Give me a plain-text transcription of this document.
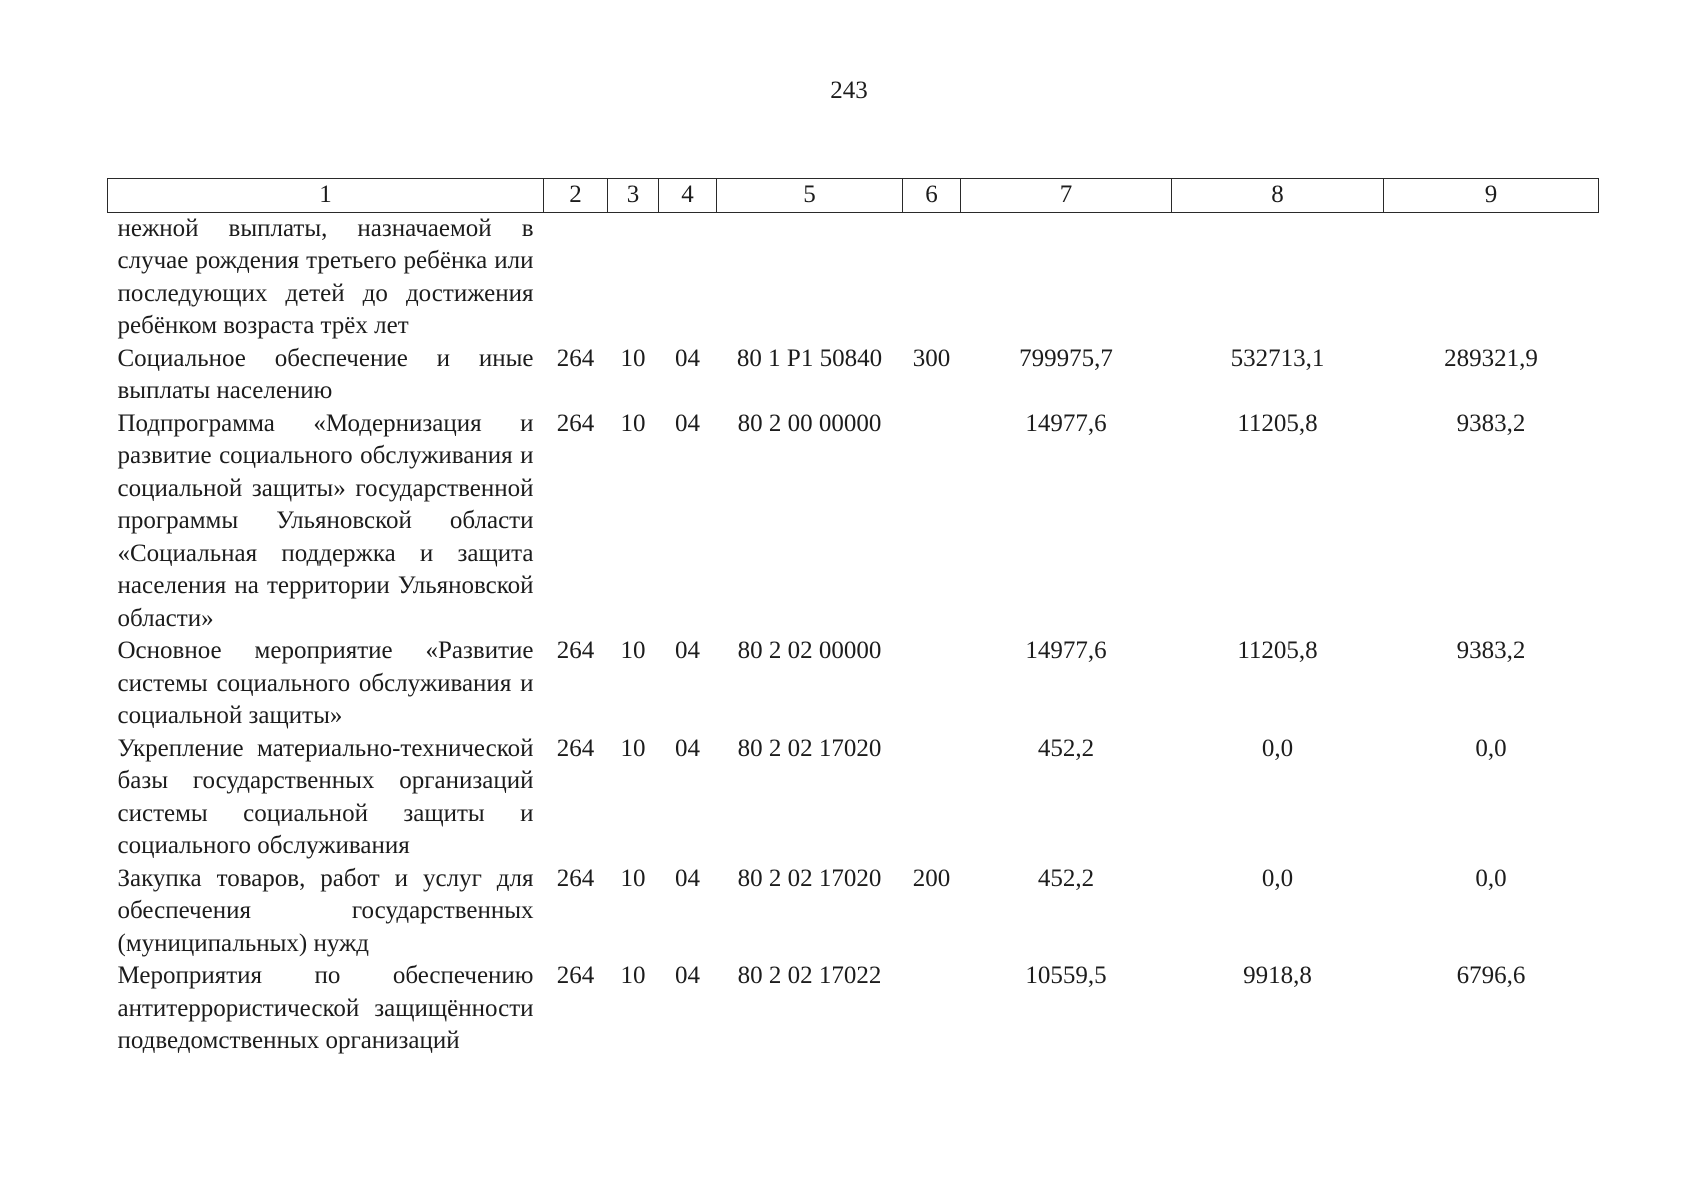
243
1	2	3	4	5	6	7	8	9
нежной выплаты, назначаемой в случае рождения третьего ребёнка или последующих детей до достижения ребёнком возраста трёх лет								
Социальное обеспечение и иные выплаты населению	264	10	04	80 1 P1 50840	300	799975,7	532713,1	289321,9
Подпрограмма «Модернизация и развитие социального обслуживания и социальной защиты» государственной программы Ульяновской области «Социальная поддержка и защита населения на территории Ульяновской области»	264	10	04	80 2 00 00000		14977,6	11205,8	9383,2
Основное мероприятие «Развитие системы социального обслуживания и социальной защиты»	264	10	04	80 2 02 00000		14977,6	11205,8	9383,2
Укрепление материально-технической базы государственных организаций системы социальной защиты и социального обслуживания	264	10	04	80 2 02 17020		452,2	0,0	0,0
Закупка товаров, работ и услуг для обеспечения государственных (муниципальных) нужд	264	10	04	80 2 02 17020	200	452,2	0,0	0,0
Мероприятия по обеспечению антитеррористической защищённости подведомственных организаций	264	10	04	80 2 02 17022		10559,5	9918,8	6796,6
